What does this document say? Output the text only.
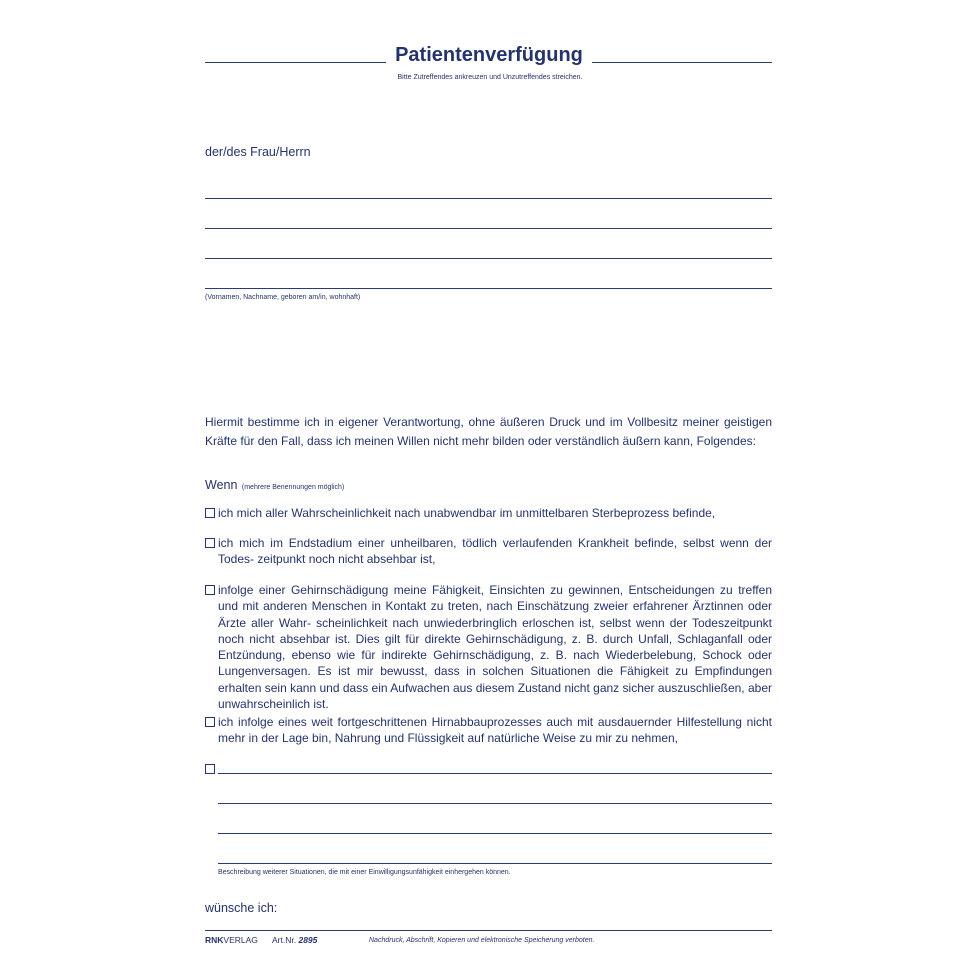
Patientenverfügung
Bitte Zutreffendes ankreuzen und Unzutreffendes streichen.
der/des Frau/Herrn
(Vornamen, Nachname, geboren am/in, wohnhaft)
Hiermit bestimme ich in eigener Verantwortung, ohne äußeren Druck und im Vollbesitz meiner geistigen Kräfte für den Fall, dass ich meinen Willen nicht mehr bilden oder verständlich äußern kann, Folgendes:
Wenn (mehrere Benennungen möglich)
ich mich aller Wahrscheinlichkeit nach unabwendbar im unmittelbaren Sterbeprozess befinde,
ich mich im Endstadium einer unheilbaren, tödlich verlaufenden Krankheit befinde, selbst wenn der Todes- zeitpunkt noch nicht absehbar ist,
infolge einer Gehirnschädigung meine Fähigkeit, Einsichten zu gewinnen, Entscheidungen zu treffen und mit anderen Menschen in Kontakt zu treten, nach Einschätzung zweier erfahrener Ärztinnen oder Ärzte aller Wahr- scheinlichkeit nach unwiederbringlich erloschen ist, selbst wenn der Todeszeitpunkt noch nicht absehbar ist. Dies gilt für direkte Gehirnschädigung, z. B. durch Unfall, Schlaganfall oder Entzündung, ebenso wie für indirekte Gehirnschädigung, z. B. nach Wiederbelebung, Schock oder Lungenversagen. Es ist mir bewusst, dass in solchen Situationen die Fähigkeit zu Empfindungen erhalten sein kann und dass ein Aufwachen aus diesem Zustand nicht ganz sicher auszuschließen, aber unwahrscheinlich ist.
ich infolge eines weit fortgeschrittenen Hirnabbauprozesses auch mit ausdauernder Hilfestellung nicht mehr in der Lage bin, Nahrung und Flüssigkeit auf natürliche Weise zu mir zu nehmen,
Beschreibung weiterer Situationen, die mit einer Einwilligungsunfähigkeit einhergehen können.
wünsche ich:
RNKVERLAG Art.Nr. 2895	Nachdruck, Abschrift, Kopieren und elektronische Speicherung verboten.
